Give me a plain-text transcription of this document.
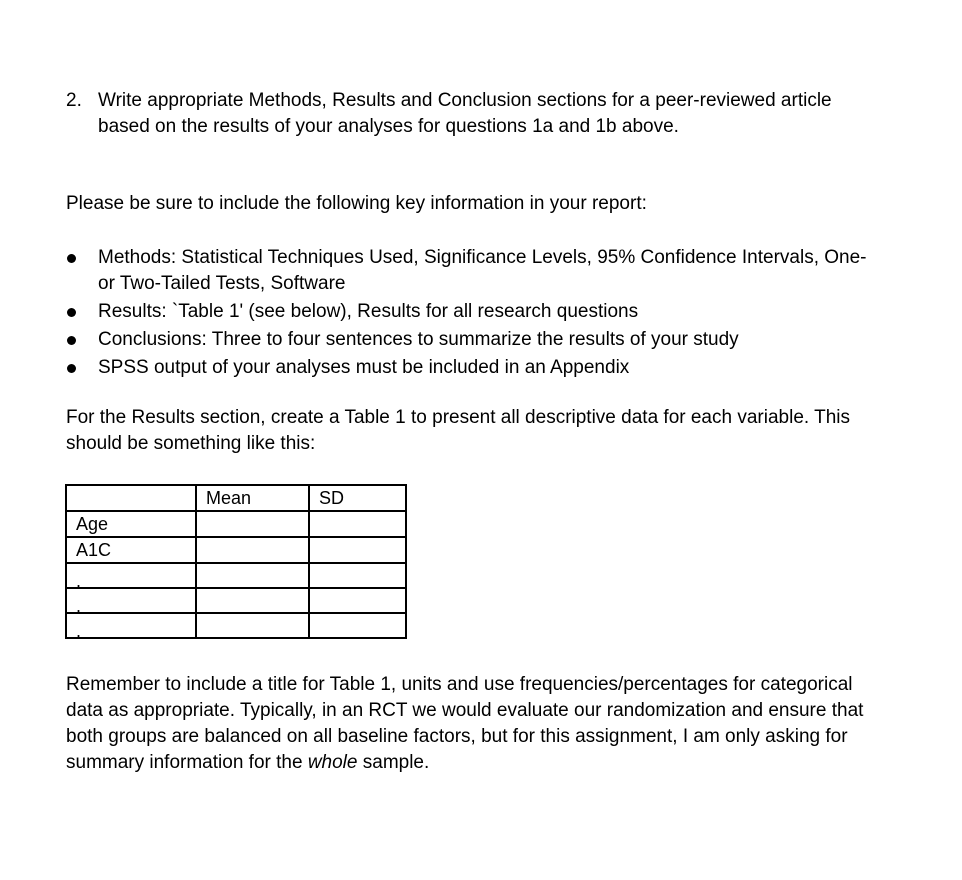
2. Write appropriate Methods, Results and Conclusion sections for a peer-reviewed article
based on the results of your analyses for questions 1a and 1b above.
Please be sure to include the following key information in your report:
Methods: Statistical Techniques Used, Significance Levels, 95% Confidence Intervals, One-
or Two-Tailed Tests, Software
Results: `Table 1' (see below), Results for all research questions
Conclusions: Three to four sentences to summarize the results of your study
SPSS output of your analyses must be included in an Appendix
For the Results section, create a Table 1 to present all descriptive data for each variable. This
should be something like this:
	Mean	SD
Age		
A1C		

.		

.		

.		

Remember to include a title for Table 1, units and use frequencies/percentages for categorical
data as appropriate. Typically, in an RCT we would evaluate our randomization and ensure that
both groups are balanced on all baseline factors, but for this assignment, I am only asking for
summary information for the whole sample.
